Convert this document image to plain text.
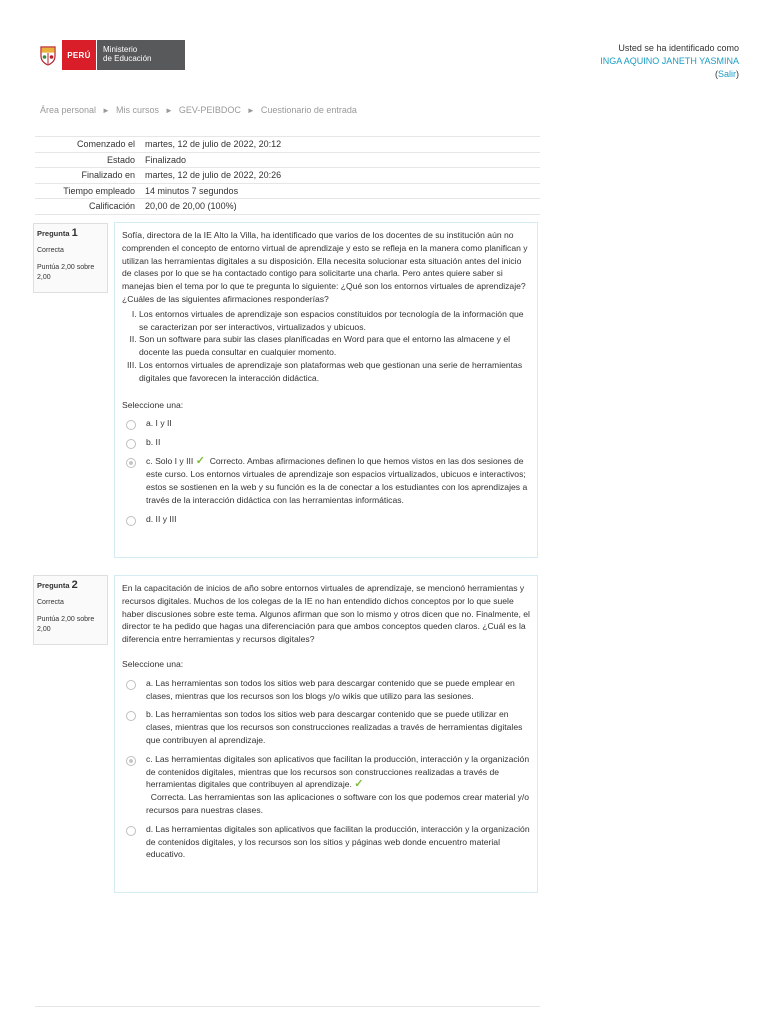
PERÚ
Ministerio
de Educación
Usted se ha identificado como
INGA AQUINO JANETH YASMINA
(Salir)
Área personal ► Mis cursos ► GEV-PEIBDOC ► Cuestionario de entrada
Comenzado el	martes, 12 de julio de 2022, 20:12
Estado	Finalizado
Finalizado en	martes, 12 de julio de 2022, 20:26
Tiempo empleado	14 minutos 7 segundos
Calificación	20,00 de 20,00 (100%)
Pregunta 1

Correcta

Puntúa 2,00 sobre 2,00

Sofía, directora de la IE Alto la Villa, ha identificado que varios de los docentes de su institución aún no comprenden el concepto de entorno virtual de aprendizaje y esto se refleja en la manera como planifican y utilizan las herramientas digitales a su disposición. Ella necesita solucionar esta situación antes del inicio de clases por lo que se ha contactado contigo para solicitarte una charla. Pero antes quiere saber si manejas bien el tema por lo que te pregunta lo siguiente: ¿Qué son los entornos virtuales de aprendizaje?

¿Cuáles de las siguientes afirmaciones responderías?

I. Los entornos virtuales de aprendizaje son espacios constituidos por tecnología de la información que se caracterizan por ser interactivos, virtualizados y ubicuos.
II. Son un software para subir las clases planificadas en Word para que el entorno las almacene y el docente las pueda consultar en cualquier momento.
III. Los entornos virtuales de aprendizaje son plataformas web que gestionan una serie de herramientas digitales que favorecen la interacción didáctica.
Seleccione una:
a. I y II
b. II
c. Solo I y III ✓ Correcto. Ambas afirmaciones definen lo que hemos vistos en las dos sesiones de este curso. Los entornos virtuales de aprendizaje son espacios virtualizados, ubicuos e interactivos; estos se sostienen en la web y su función es la de conectar a los estudiantes con los aprendizajes a través de la interacción didáctica con las herramientas informáticas.
d. II y III
Pregunta 2

Correcta

Puntúa 2,00 sobre 2,00

En la capacitación de inicios de año sobre entornos virtuales de aprendizaje, se mencionó herramientas y recursos digitales. Muchos de los colegas de la IE no han entendido dichos conceptos por lo que suele haber discusiones sobre este tema. Algunos afirman que son lo mismo y otros dicen que no. Finalmente, el director te ha pedido que hagas una diferenciación para que ambos conceptos queden claros. ¿Cuál es la diferencia entre herramientas y recursos digitales?

Seleccione una:
a. Las herramientas son todos los sitios web para descargar contenido que se puede emplear en clases, mientras que los recursos son los blogs y/o wikis que utilizo para las sesiones.
b. Las herramientas son todos los sitios web para descargar contenido que se puede utilizar en clases, mientras que los recursos son construcciones realizadas a través de herramientas digitales que contribuyen al aprendizaje.
c. Las herramientas digitales son aplicativos que facilitan la producción, interacción y la organización de contenidos digitales, mientras que los recursos son construcciones realizadas a través de herramientas digitales que contribuyen al aprendizaje. ✓
Correcta. Las herramientas son las aplicaciones o software con los que podemos crear material y/o recursos para nuestras clases.
d. Las herramientas digitales son aplicativos que facilitan la producción, interacción y la organización de contenidos digitales, y los recursos son los sitios y páginas web donde encuentro material educativo.
